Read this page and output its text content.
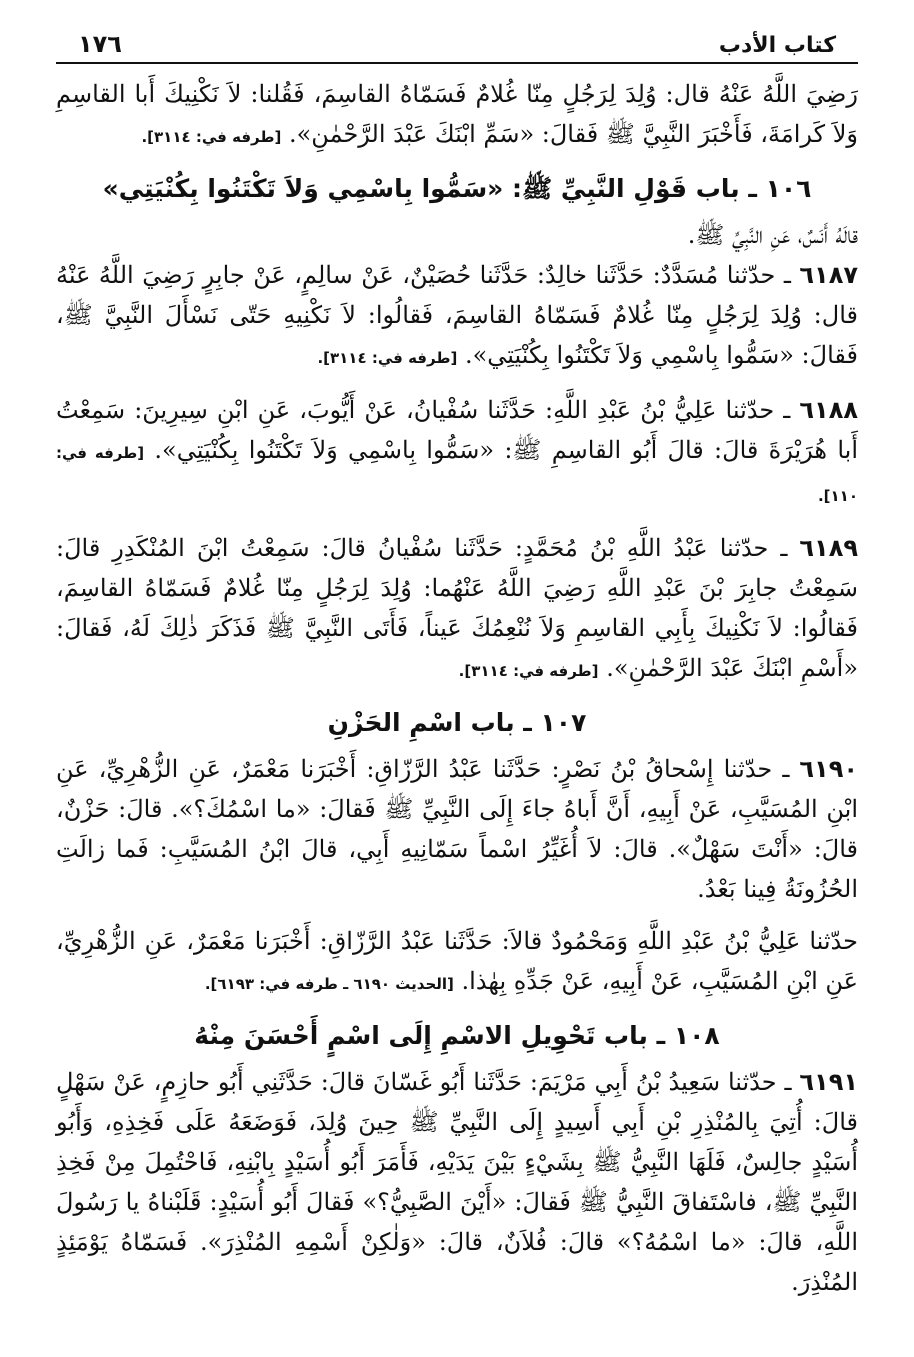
كتاب الأدب
١٧٦

رَضِيَ اللَّهُ عَنْهُ قال: وُلِدَ لِرَجُلٍ مِنّا غُلامٌ فَسَمّاهُ القاسِمَ، فَقُلنا: لاَ نَكْنِيكَ أَبا القاسِمِ وَلاَ كَرامَةَ، فَأَخْبَرَ النَّبِيَّ ﷺ فَقالَ: «سَمِّ ابْنَكَ عَبْدَ الرَّحْمٰنِ». [طرفه في: ٣١١٤].

١٠٦ ـ باب قَوْلِ النَّبِيِّ ﷺ: «سَمُّوا بِاسْمِي وَلاَ تَكْتَنُوا بِكُنْيَتِي»

قالَهُ أَنَسٌ، عَنِ النَّبِيِّ ﷺ.

٦١٨٧ ـ حدّثنا مُسَدَّدٌ: حَدَّثَنا خالِدٌ: حَدَّثَنا حُصَيْنٌ، عَنْ سالِمٍ، عَنْ جابِرٍ رَضِيَ اللَّهُ عَنْهُ قال: وُلِدَ لِرَجُلٍ مِنّا غُلامٌ فَسَمّاهُ القاسِمَ، فَقالُوا: لاَ نَكْنِيهِ حَتّى نَسْأَلَ النَّبِيَّ ﷺ، فَقالَ: «سَمُّوا بِاسْمِي وَلاَ تَكْتَنُوا بِكُنْيَتِي». [طرفه في: ٣١١٤].

٦١٨٨ ـ حدّثنا عَلِيُّ بْنُ عَبْدِ اللَّهِ: حَدَّثَنا سُفْيانُ، عَنْ أَيُّوبَ، عَنِ ابْنِ سِيرِينَ: سَمِعْتُ أَبا هُرَيْرَةَ قالَ: قالَ أَبُو القاسِمِ ﷺ: «سَمُّوا بِاسْمِي وَلاَ تَكْتَنُوا بِكُنْيَتِي». [طرفه في: ١١٠].

٦١٨٩ ـ حدّثنا عَبْدُ اللَّهِ بْنُ مُحَمَّدٍ: حَدَّثَنا سُفْيانُ قالَ: سَمِعْتُ ابْنَ المُنْكَدِرِ قالَ: سَمِعْتُ جابِرَ بْنَ عَبْدِ اللَّهِ رَضِيَ اللَّهُ عَنْهُما: وُلِدَ لِرَجُلٍ مِنّا غُلامٌ فَسَمّاهُ القاسِمَ، فَقالُوا: لاَ نَكْنِيكَ بِأَبِي القاسِمِ وَلاَ نُنْعِمُكَ عَيناً، فَأَتَى النَّبِيَّ ﷺ فَذَكَرَ ذٰلِكَ لَهُ، فَقالَ: «أَسْمِ ابْنَكَ عَبْدَ الرَّحْمٰنِ». [طرفه في: ٣١١٤].

١٠٧ ـ باب اسْمِ الحَزْنِ

٦١٩٠ ـ حدّثنا إِسْحاقُ بْنُ نَصْرٍ: حَدَّثَنا عَبْدُ الرَّزّاقِ: أَخْبَرَنا مَعْمَرٌ، عَنِ الزُّهْرِيِّ، عَنِ ابْنِ المُسَيَّبِ، عَنْ أَبِيهِ، أَنَّ أَباهُ جاءَ إِلَى النَّبِيِّ ﷺ فَقالَ: «ما اسْمُكَ؟». قالَ: حَزْنٌ، قالَ: «أَنْتَ سَهْلٌ». قالَ: لاَ أُغَيِّرُ اسْماً سَمّانِيهِ أَبِي، قالَ ابْنُ المُسَيَّبِ: فَما زالَتِ الحُزُونَةُ فِينا بَعْدُ.

حدّثنا عَلِيُّ بْنُ عَبْدِ اللَّهِ وَمَحْمُودٌ قالاَ: حَدَّثَنا عَبْدُ الرَّزّاقِ: أَخْبَرَنا مَعْمَرٌ، عَنِ الزُّهْرِيِّ، عَنِ ابْنِ المُسَيَّبِ، عَنْ أَبِيهِ، عَنْ جَدِّهِ بِهٰذا. [الحديث ٦١٩٠ ـ طرفه في: ٦١٩٣].

١٠٨ ـ باب تَحْوِيلِ الاسْمِ إِلَى اسْمٍ أَحْسَنَ مِنْهُ

٦١٩١ ـ حدّثنا سَعِيدُ بْنُ أَبِي مَرْيَمَ: حَدَّثَنا أَبُو غَسّانَ قالَ: حَدَّثَنِي أَبُو حازِمٍ، عَنْ سَهْلٍ قالَ: أُتِيَ بِالمُنْذِرِ بْنِ أَبِي أَسِيدٍ إِلَى النَّبِيِّ ﷺ حِينَ وُلِدَ، فَوَضَعَهُ عَلَى فَخِذِهِ، وَأَبُو أُسَيْدٍ جالِسٌ، فَلَهَا النَّبِيُّ ﷺ بِشَيْءٍ بَيْنَ يَدَيْهِ، فَأَمَرَ أَبُو أُسَيْدٍ بِابْنِهِ، فَاحْتُمِلَ مِنْ فَخِذِ النَّبِيِّ ﷺ، فاسْتَفاقَ النَّبِيُّ ﷺ فَقالَ: «أَيْنَ الصَّبِيُّ؟» فَقالَ أَبُو أُسَيْدٍ: قَلَبْناهُ يا رَسُولَ اللَّهِ، قالَ: «ما اسْمُهُ؟» قالَ: فُلاَنٌ، قالَ: «وَلٰكِنْ أَسْمِهِ المُنْذِرَ». فَسَمّاهُ يَوْمَئِذٍ المُنْذِرَ.
